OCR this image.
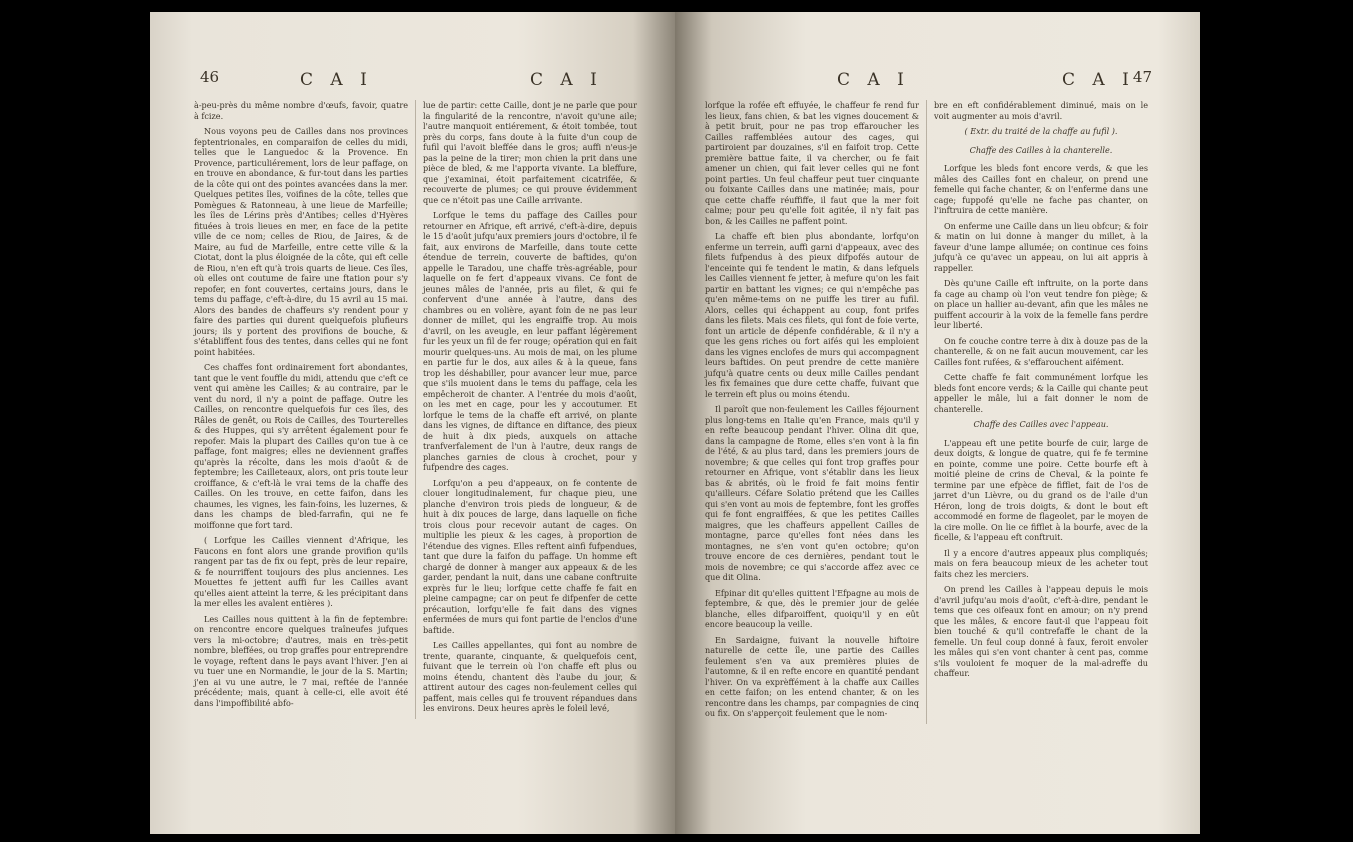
46	C A I	C A I	C A I	C A I
47

à-peu-près du même nombre d'œufs, favoir, quatre à fcize.

Nous voyons peu de Cailles dans nos provinces feptentrionales, en comparaifon de celles du midi, telles que le Languedoc & la Provence. En Provence, particuliérement, lors de leur paffage, on en trouve en abondance, & fur-tout dans les parties de la côte qui ont des pointes avancées dans la mer. Quelques petites îles, voifines de la côte, telles que Pomègues & Ratonneau, à une lieue de Marfeille; les îles de Lérins près d'Antibes; celles d'Hyères fituées à trois lieues en mer, en face de la petite ville de ce nom; celles de Riou, de Jaires, & de Maire, au fud de Marfeille, entre cette ville & la Ciotat, dont la plus éloignée de la côte, qui eft celle de Riou, n'en eft qu'à trois quarts de lieue. Ces îles, où elles ont coutume de faire une ftation pour s'y repofer, en font couvertes, certains jours, dans le tems du paffage, c'eft-à-dire, du 15 avril au 15 mai. Alors des bandes de chaffeurs s'y rendent pour y faire des parties qui durent quelquefois plufieurs jours; ils y portent des provifions de bouche, & s'établiffent fous des tentes, dans celles qui ne font point habitées.

Ces chaffes font ordinairement fort abondantes, tant que le vent fouffle du midi, attendu que c'eft ce vent qui amène les Cailles; & au contraire, par le vent du nord, il n'y a point de paffage. Outre les Cailles, on rencontre quelquefois fur ces îles, des Râles de genêt, ou Rois de Cailles, des Tourterelles & des Huppes, qui s'y arrêtent également pour fe repofer. Mais la plupart des Cailles qu'on tue à ce paffage, font maigres; elles ne deviennent graffes qu'après la récolte, dans les mois d'août & de feptembre; les Cailleteaux, alors, ont pris toute leur croiffance, & c'eft-là le vrai tems de la chaffe des Cailles. On les trouve, en cette faifon, dans les chaumes, les vignes, les fain-foins, les luzernes, & dans les champs de bled-farrafin, qui ne fe moiffonne que fort tard.

( Lorfque les Cailles viennent d'Afrique, les Faucons en font alors une grande provifion qu'ils rangent par tas de fix ou fept, près de leur repaire, & fe nourriffent toujours des plus anciennes. Les Mouettes fe jettent auffi fur les Cailles avant qu'elles aient atteint la terre, & les précipitant dans la mer elles les avalent entières ).

Les Cailles nous quittent à la fin de feptembre: on rencontre encore quelques traîneufes jufques vers la mi-octobre; d'autres, mais en très-petit nombre, bleffées, ou trop graffes pour entreprendre le voyage, reftent dans le pays avant l'hiver. J'en ai vu tuer une en Normandie, le jour de la S. Martin; j'en ai vu une autre, le 7 mai, reftée de l'année précédente; mais, quant à celle-ci, elle avoit été dans l'impoffibilité abfo-

lue de partir: cette Caille, dont je ne parle que pour la fingularité de la rencontre, n'avoit qu'une aile; l'autre manquoit entiérement, & étoit tombée, tout près du corps, fans doute à la fuite d'un coup de fufil qui l'avoit bleffée dans le gros; auffi n'eus-je pas la peine de la tirer; mon chien la prit dans une pièce de bled, & me l'apporta vivante. La bleffure, que j'examinai, étoit parfaitement cicatrifée, & recouverte de plumes; ce qui prouve évidemment que ce n'étoit pas une Caille arrivante.

Lorfque le tems du paffage des Cailles pour retourner en Afrique, eft arrivé, c'eft-à-dire, depuis le 15 d'août jufqu'aux premiers jours d'octobre, il fe fait, aux environs de Marfeille, dans toute cette étendue de terrein, couverte de baftides, qu'on appelle le Taradou, une chaffe très-agréable, pour laquelle on fe fert d'appeaux vivans. Ce font de jeunes mâles de l'année, pris au filet, & qui fe confervent d'une année à l'autre, dans des chambres ou en volière, ayant foin de ne pas leur donner de millet, qui les engraiffe trop. Au mois d'avril, on les aveugle, en leur paffant légèrement fur les yeux un fil de fer rouge; opération qui en fait mourir quelques-uns. Au mois de mai, on les plume en partie fur le dos, aux ailes & à la queue, fans trop les déshabiller, pour avancer leur mue, parce que s'ils muoient dans le tems du paffage, cela les empêcheroit de chanter. A l'entrée du mois d'août, on les met en cage, pour les y accoutumer. Et lorfque le tems de la chaffe eft arrivé, on plante dans les vignes, de diftance en diftance, des pieux de huit à dix pieds, auxquels on attache tranfverfalement de l'un à l'autre, deux rangs de planches garnies de clous à crochet, pour y fufpendre des cages.

Lorfqu'on a peu d'appeaux, on fe contente de clouer longitudinalement, fur chaque pieu, une planche d'environ trois pieds de longueur, & de huit à dix pouces de large, dans laquelle on fiche trois clous pour recevoir autant de cages. On multiplie les pieux & les cages, à proportion de l'étendue des vignes. Elles reftent ainfi fufpendues, tant que dure la faifon du paffage. Un homme eft chargé de donner à manger aux appeaux & de les garder, pendant la nuit, dans une cabane conftruite exprès fur le lieu; lorfque cette chaffe fe fait en pleine campagne; car on peut fe difpenfer de cette précaution, lorfqu'elle fe fait dans des vignes enfermées de murs qui font partie de l'enclos d'une baftide.

Les Cailles appellantes, qui font au nombre de trente, quarante, cinquante, & quelquefois cent, fuivant que le terrein où l'on chaffe eft plus ou moins étendu, chantent dès l'aube du jour, & attirent autour des cages non-feulement celles qui paffent, mais celles qui fe trouvent répandues dans les environs. Deux heures après le foleil levé,

lorfque la rofée eft effuyée, le chaffeur fe rend fur les lieux, fans chien, & bat les vignes doucement & à petit bruit, pour ne pas trop effaroucher les Cailles raffemblées autour des cages, qui partiroient par douzaines, s'il en faifoit trop. Cette première battue faite, il va chercher, ou fe fait amener un chien, qui fait lever celles qui ne font point parties. Un feul chaffeur peut tuer cinquante ou foixante Cailles dans une matinée; mais, pour que cette chaffe réuffiffe, il faut que la mer foit calme; pour peu qu'elle foit agitée, il n'y fait pas bon, & les Cailles ne paffent point.

La chaffe eft bien plus abondante, lorfqu'on enferme un terrein, auffi garni d'appeaux, avec des filets fufpendus à des pieux difpofés autour de l'enceinte qui fe tendent le matin, & dans lefquels les Cailles viennent fe jetter, à mefure qu'on les fait partir en battant les vignes; ce qui n'empêche pas qu'en même-tems on ne puiffe les tirer au fufil. Alors, celles qui échappent au coup, font prifes dans les filets. Mais ces filets, qui font de foie verte, font un article de dépenfe confidérable, & il n'y a que les gens riches ou fort aifés qui les emploient dans les vignes enclofes de murs qui accompagnent leurs baftides. On peut prendre de cette manière jufqu'à quatre cents ou deux mille Cailles pendant les fix femaines que dure cette chaffe, fuivant que le terrein eft plus ou moins étendu.

Il paroît que non-feulement les Cailles féjournent plus long-tems en Italie qu'en France, mais qu'il y en refte beaucoup pendant l'hiver. Olina dit que, dans la campagne de Rome, elles s'en vont à la fin de l'été, & au plus tard, dans les premiers jours de novembre; & que celles qui font trop graffes pour retourner en Afrique, vont s'établir dans les lieux bas & abrités, où le froid fe fait moins fentir qu'ailleurs. Céfare Solatio prétend que les Cailles qui s'en vont au mois de feptembre, font les groffes qui fe font engraiffées, & que les petites Cailles maigres, que les chaffeurs appellent Cailles de montagne, parce qu'elles font nées dans les montagnes, ne s'en vont qu'en octobre; qu'on trouve encore de ces dernières, pendant tout le mois de novembre; ce qui s'accorde affez avec ce que dit Olina.

Efpinar dit qu'elles quittent l'Efpagne au mois de feptembre, & que, dès le premier jour de gelée blanche, elles difparoiffent, quoiqu'il y en eût encore beaucoup la veille.

En Sardaigne, fuivant la nouvelle hiftoire naturelle de cette île, une partie des Cailles feulement s'en va aux premières pluies de l'automne, & il en refte encore en quantité pendant l'hiver. On va exprèffément à la chaffe aux Cailles en cette faifon; on les entend chanter, & on les rencontre dans les champs, par compagnies de cinq ou fix. On s'apperçoit feulement que le nom-

bre en eft confidérablement diminué, mais on le voit augmenter au mois d'avril.

( Extr. du traité de la chaffe au fufil ).

Chaffe des Cailles à la chanterelle.

Lorfque les bleds font encore verds, & que les mâles des Cailles font en chaleur, on prend une femelle qui fache chanter, & on l'enferme dans une cage; fuppofé qu'elle ne fache pas chanter, on l'inftruira de cette manière.

On enferme une Caille dans un lieu obfcur; & foir & matin on lui donne à manger du millet, à la faveur d'une lampe allumée; on continue ces foins jufqu'à ce qu'avec un appeau, on lui ait appris à rappeller.

Dès qu'une Caille eft inftruite, on la porte dans fa cage au champ où l'on veut tendre fon piège; & on place un hallier au-devant, afin que les mâles ne puiffent accourir à la voix de la femelle fans perdre leur liberté.

On fe couche contre terre à dix à douze pas de la chanterelle, & on ne fait aucun mouvement, car les Cailles font rufées, & s'effarouchent aifément.

Cette chaffe fe fait communément lorfque les bleds font encore verds; & la Caille qui chante peut appeller le mâle, lui a fait donner le nom de chanterelle.

Chaffe des Cailles avec l'appeau.

L'appeau eft une petite bourfe de cuir, large de deux doigts, & longue de quatre, qui fe fe termine en pointe, comme une poire. Cette bourfe eft à moitié pleine de crins de Cheval, & la pointe fe termine par une efpèce de fifflet, fait de l'os de jarret d'un Lièvre, ou du grand os de l'aile d'un Héron, long de trois doigts, & dont le bout eft accommodé en forme de flageolet, par le moyen de la cire molle. On lie ce fifflet à la bourfe, avec de la ficelle, & l'appeau eft conftruit.

Il y a encore d'autres appeaux plus compliqués; mais on fera beaucoup mieux de les acheter tout faits chez les merciers.

On prend les Cailles à l'appeau depuis le mois d'avril jufqu'au mois d'août, c'eft-à-dire, pendant le tems que ces oifeaux font en amour; on n'y prend que les mâles, & encore faut-il que l'appeau foit bien touché & qu'il contrefaffe le chant de la femelle. Un feul coup donné à faux, feroit envoler les mâles qui s'en vont chanter à cent pas, comme s'ils vouloient fe moquer de la mal-adreffe du chaffeur.
